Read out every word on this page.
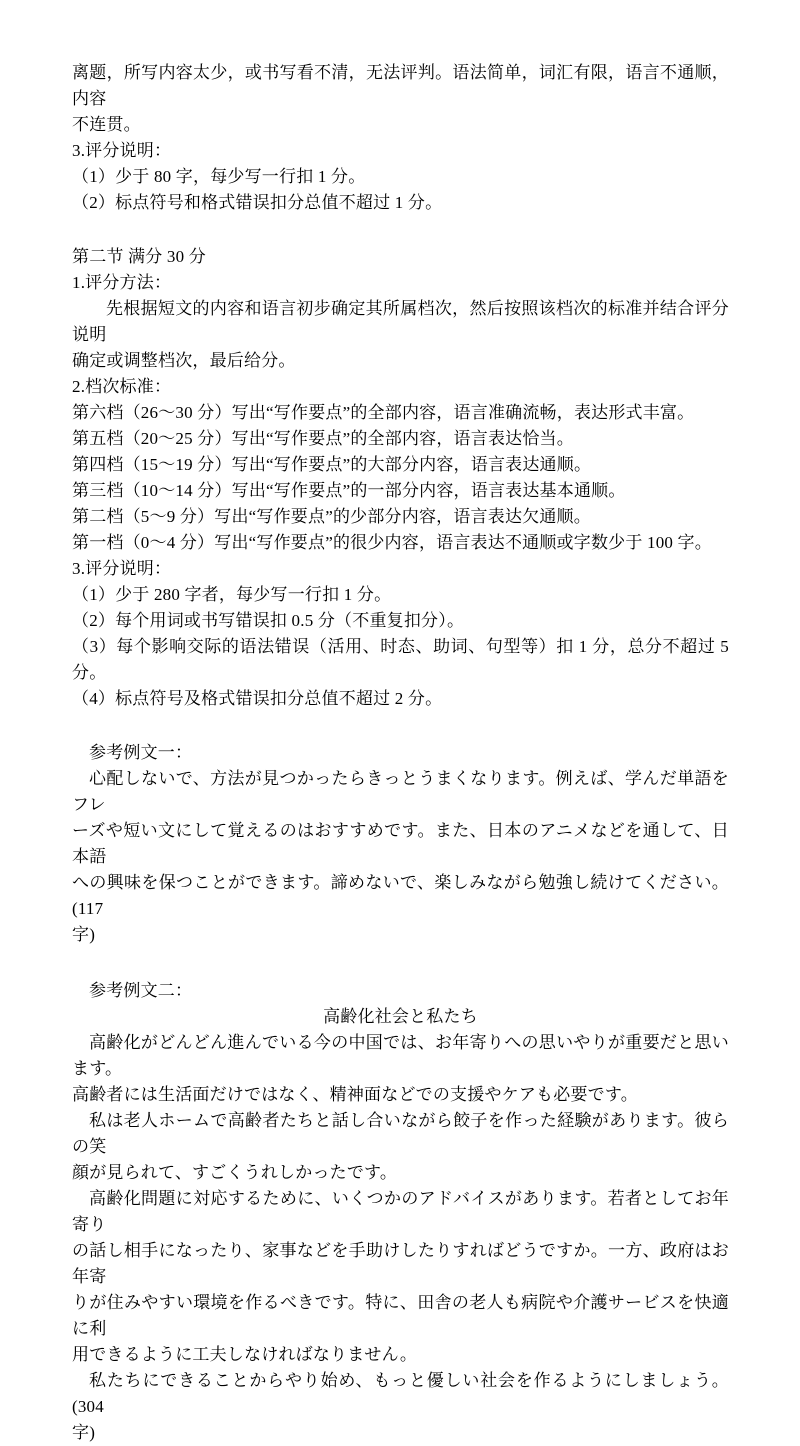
离题，所写内容太少，或书写看不清，无法评判。语法简单，词汇有限，语言不通顺，内容
不连贯。
3.评分说明：
（1）少于 80 字，每少写一行扣 1 分。
（2）标点符号和格式错误扣分总值不超过 1 分。
第二节 满分 30 分
1.评分方法：
先根据短文的内容和语言初步确定其所属档次，然后按照该档次的标准并结合评分说明
确定或调整档次，最后给分。
2.档次标准：
第六档（26～30 分）写出“写作要点”的全部内容，语言准确流畅，表达形式丰富。
第五档（20～25 分）写出“写作要点”的全部内容，语言表达恰当。
第四档（15～19 分）写出“写作要点”的大部分内容，语言表达通顺。
第三档（10～14 分）写出“写作要点”的一部分内容，语言表达基本通顺。
第二档（5～9 分）写出“写作要点”的少部分内容，语言表达欠通顺。
第一档（0～4 分）写出“写作要点”的很少内容，语言表达不通顺或字数少于 100 字。
3.评分说明：
（1）少于 280 字者，每少写一行扣 1 分。
（2）每个用词或书写错误扣 0.5 分（不重复扣分）。
（3）每个影响交际的语法错误（活用、时态、助词、句型等）扣 1 分，总分不超过 5 分。
（4）标点符号及格式错误扣分总值不超过 2 分。
参考例文一：
心配しないで、方法が見つかったらきっとうまくなります。例えば、学んだ単語をフレ
ーズや短い文にして覚えるのはおすすめです。また、日本のアニメなどを通して、日本語
への興味を保つことができます。諦めないで、楽しみながら勉強し続けてください。(117
字)
参考例文二：
高齢化社会と私たち
高齢化がどんどん進んでいる今の中国では、お年寄りへの思いやりが重要だと思います。
高齢者には生活面だけではなく、精神面などでの支援やケアも必要です。
私は老人ホームで高齢者たちと話し合いながら餃子を作った経験があります。彼らの笑
顔が見られて、すごくうれしかったです。
高齢化問題に対応するために、いくつかのアドバイスがあります。若者としてお年寄り
の話し相手になったり、家事などを手助けしたりすればどうですか。一方、政府はお年寄
りが住みやすい環境を作るべきです。特に、田舎の老人も病院や介護サービスを快適に利
用できるように工夫しなければなりません。
私たちにできることからやり始め、もっと優しい社会を作るようにしましょう。(304
字)
